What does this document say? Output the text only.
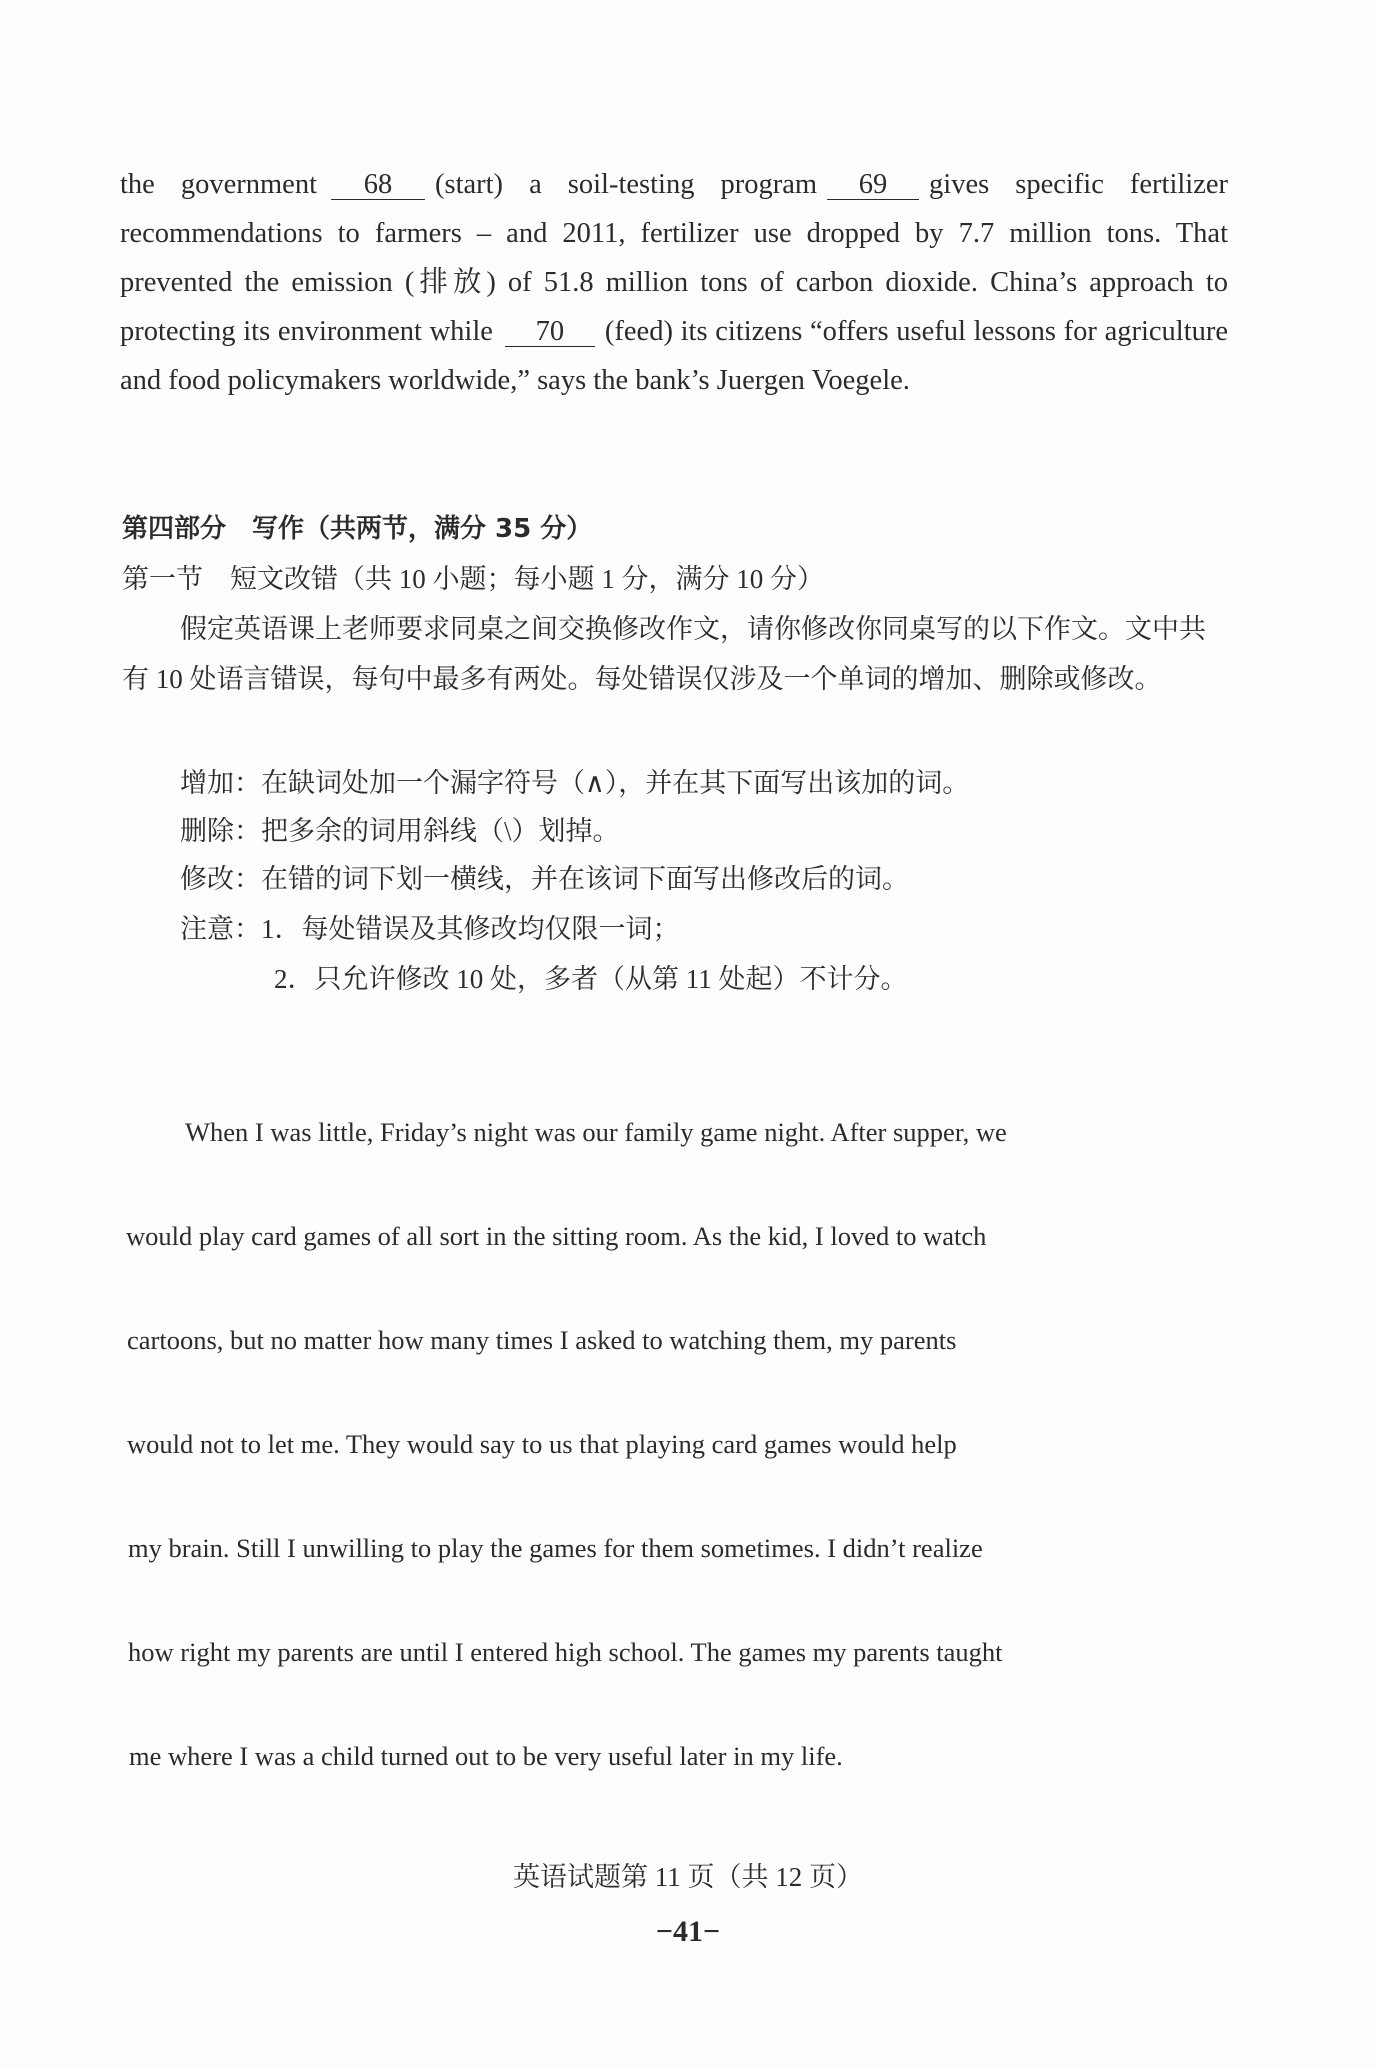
the government 68 (start) a soil-testing program 69 gives specific fertilizer recommendations to farmers – and 2011, fertilizer use dropped by 7.7 million tons. That prevented the emission (排放) of 51.8 million tons of carbon dioxide. China’s approach to protecting its environment while 70 (feed) its citizens “offers useful lessons for agriculture and food policymakers worldwide,” says the bank’s Juergen Voegele.

第四部分　写作（共两节，满分 35 分）
第一节　短文改错（共 10 小题；每小题 1 分，满分 10 分）

假定英语课上老师要求同桌之间交换修改作文，请你修改你同桌写的以下作文。文中共有 10 处语言错误，每句中最多有两处。每处错误仅涉及一个单词的增加、删除或修改。

增加：在缺词处加一个漏字符号（∧），并在其下面写出该加的词。
删除：把多余的词用斜线（\）划掉。
修改：在错的词下划一横线，并在该词下面写出修改后的词。
注意：1．每处错误及其修改均仅限一词；
2．只允许修改 10 处，多者（从第 11 处起）不计分。
When I was little, Friday’s night was our family game night. After supper, we
would play card games of all sort in the sitting room. As the kid, I loved to watch
cartoons, but no matter how many times I asked to watching them, my parents
would not to let me. They would say to us that playing card games would help
my brain. Still I unwilling to play the games for them sometimes. I didn’t realize
how right my parents are until I entered high school. The games my parents taught
me where I was a child turned out to be very useful later in my life.
英语试题第 11 页（共 12 页）
−41−
